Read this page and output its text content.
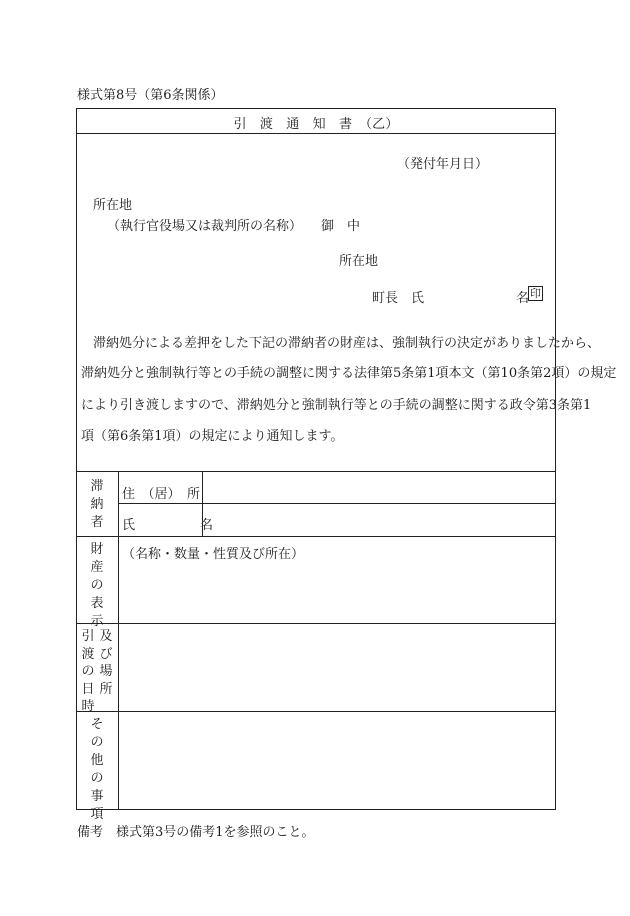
様式第8号（第6条関係）
引　渡　通　知　書　（乙）
（発付年月日）
所在地
（執行官役場又は裁判所の名称） 御　中
所在地
町長　氏	名 印
滞納処分による差押をした下記の滞納者の財産は、強制執行の決定がありましたから、
滞納処分と強制執行等との手続の調整に関する法律第5条第1項本文（第10条第2項）の規定
により引き渡しますので、滞納処分と強制執行等との手続の調整に関する政令第3条第1
項（第6条第1項）の規定により通知します。
滞
納
者
住　（居）　所
氏　　　　　名
財
産
の
表
示
（名称・数量・性質及び所在）
引
渡
の
日
時
及
び
場
所
そ
の
他
の
事
項
備考　様式第3号の備考1を参照のこと。
